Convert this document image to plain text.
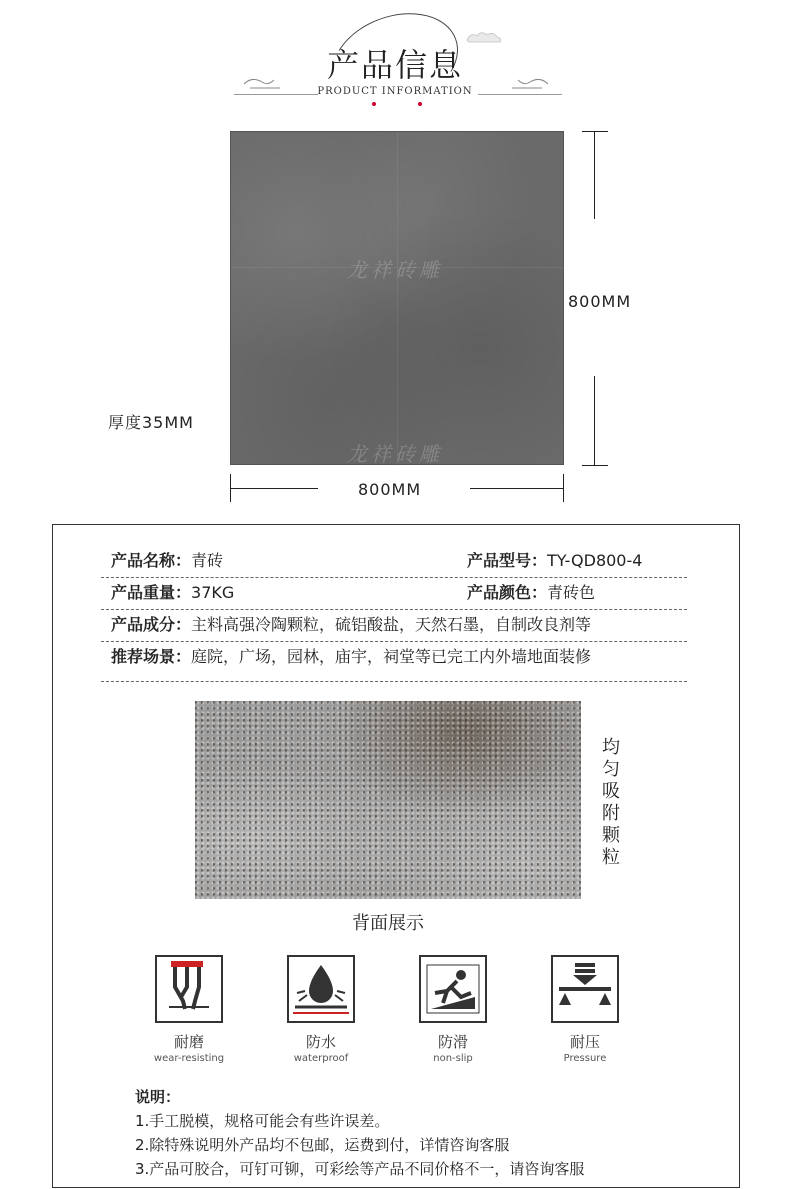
产品信息
PRODUCT INFORMATION
龙祥砖雕
龙祥砖雕
800MM
厚度35MM
800MM
产品名称：青砖	产品型号：TY-QD800-4
产品重量：37KG	产品颜色：青砖色
产品成分：主料高强冷陶颗粒，硫铝酸盐，天然石墨，自制改良剂等
推荐场景：庭院，广场，园林，庙宇，祠堂等已完工内外墙地面装修
均匀吸附颗粒
背面展示
耐磨
wear-resisting
防水
waterproof
防滑
non-slip
耐压
Pressure
说明：
1.手工脱模，规格可能会有些许误差。
2.除特殊说明外产品均不包邮，运费到付，详情咨询客服
3.产品可胶合，可钉可铆，可彩绘等产品不同价格不一，请咨询客服
